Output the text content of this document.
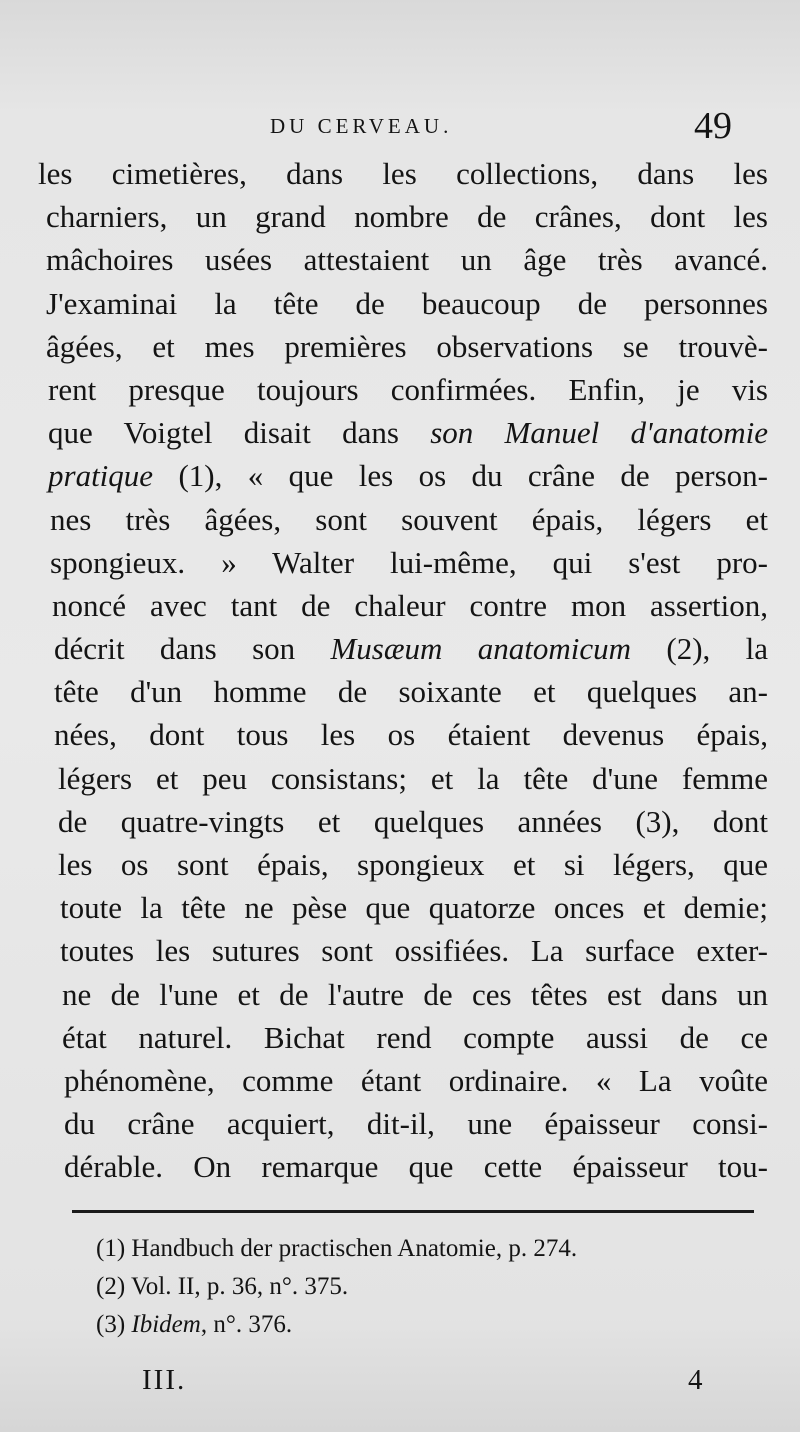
DU CERVEAU.	49
les cimetières, dans les collections, dans les
charniers, un grand nombre de crânes, dont les
mâchoires usées attestaient un âge très avancé.
J'examinai la tête de beaucoup de personnes
âgées, et mes premières observations se trouvè-
rent presque toujours confirmées. Enfin, je vis
que Voigtel disait dans son Manuel d'anatomie
pratique (1), « que les os du crâne de person-
nes très âgées, sont souvent épais, légers et
spongieux. » Walter lui-même, qui s'est pro-
noncé avec tant de chaleur contre mon assertion,
décrit dans son Musæum anatomicum (2), la
tête d'un homme de soixante et quelques an-
nées, dont tous les os étaient devenus épais,
légers et peu consistans; et la tête d'une femme
de quatre-vingts et quelques années (3), dont
les os sont épais, spongieux et si légers, que
toute la tête ne pèse que quatorze onces et demie;
toutes les sutures sont ossifiées. La surface exter-
ne de l'une et de l'autre de ces têtes est dans un
état naturel. Bichat rend compte aussi de ce
phénomène, comme étant ordinaire. « La voûte
du crâne acquiert, dit-il, une épaisseur consi-
dérable. On remarque que cette épaisseur tou-
(1) Handbuch der practischen Anatomie, p. 274.
(2) Vol. II, p. 36, n°. 375.
(3) Ibidem, n°. 376.
III.	4
